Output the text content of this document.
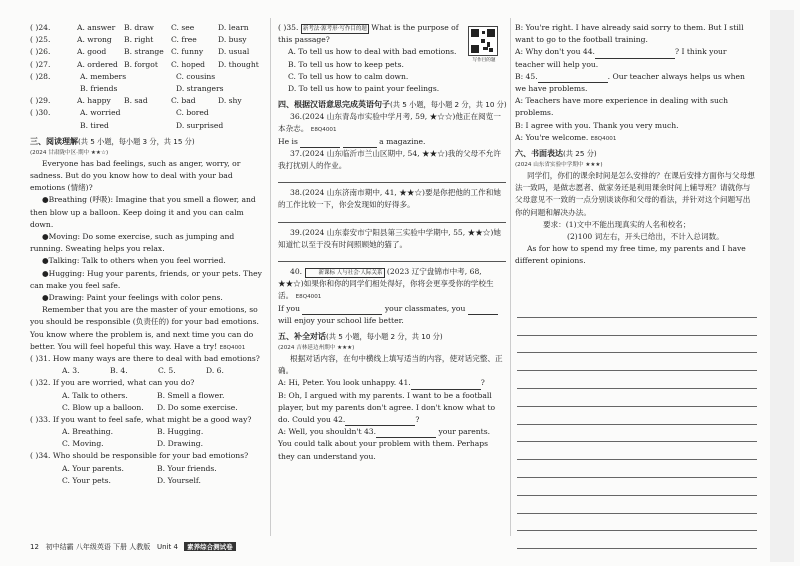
( )24.	A. answer	B. draw	C. see	D. learn
( )25.	A. wrong	B. right	C. free	D. busy
( )26.	A. good	B. strange C. funny	D. usual
( )27.	A. ordered B. forgot	C. hoped	D. thought
( )28.	A. members	C. cousins
B. friends	D. strangers
( )29.	A. happy	B. sad	C. bad	D. shy
( )30.	A. worried	C. bored
B. tired	D. surprised
三、阅读理解(共 5 小题，每小题 3 分，共 15 分)
(2024 甘肃陇中区·期中 ★★☆)
Everyone has bad feelings, such as anger, worry, or sadness. But do you know how to deal with your bad emotions (情绪)?
●Breathing (呼吸): Imagine that you smell a flower, and then blow up a balloon. Keep doing it and you can calm down.
●Moving: Do some exercise, such as jumping and running. Sweating helps you relax.
●Talking: Talk to others when you feel worried.
●Hugging: Hug your parents, friends, or your pets. They can make you feel safe.
●Drawing: Paint your feelings with color pens.
Remember that you are the master of your emotions, so you should be responsible (负责任的) for your bad emotions. You know where the problem is, and next time you can do better. You will feel hopeful this way. Have a try! E8Q4001
( )31. How many ways are there to deal with bad emotions?
A. 3.	B. 4.	C. 5.	D. 6.
( )32. If you are worried, what can you do?
A. Talk to others.	B. Smell a flower.
C. Blow up a balloon.	D. Do some exercise.
( )33. If you want to feel safe, what might be a good way?
A. Breathing.	B. Hugging.
C. Moving.	D. Drawing.
( )34. Who should be responsible for your bad emotions?
A. Your parents.	B. Your friends.
C. Your pets.	D. Yourself.
( )35. 新考法·源考形·写作目的题 What is the purpose of this passage?
A. To tell us how to deal with bad emotions.
B. To tell us how to keep pets.
C. To tell us how to calm down.
D. To tell us how to paint your feelings.
四、根据汉语意思完成英语句子(共 5 小题，每小题 2 分，共 10 分)
36.(2024 山东青岛市实验中学月考, 59, ★☆☆)他正在阅览一本杂志。 E8Q4001
He is	a magazine.
37.(2024 山东临沂市兰山区期中, 54, ★★☆)我的父母不允许我打扰别人的作业。
38.(2024 山东济南市期中, 41, ★★☆)要是你把他的工作和她的工作比较一下，你会发现如的好得多。
39.(2024 山东泰安市宁阳县第三实验中学期中, 55, ★★☆)她知道忙以至于没有时间照顾她的猫了。
40.	新课标 人与社会·人际关系 (2023 辽宁盘锦市中考, 68, ★★☆)如果你和你的同学们相处得好，你将会更享受你的学校生活。 E8Q4001
If you	your classmates, you
will enjoy your school life better.
五、补全对话(共 5 小题，每小题 2 分，共 10 分)
(2024 吉林延边州期中 ★★★)
根据对话内容，在句中横线上填写适当的内容，使对话完整、正确。
A: Hi, Peter. You look unhappy. 41.	?
B: Oh, I argued with my parents. I want to be a football player, but my parents don't agree. I don't know what to do. Could you 42.	?
A: Well, you shouldn't 43.	your parents. You could talk about your problem with them. Perhaps they can understand you.
写作目的题
B: You're right. I have already said sorry to them. But I still want to go to the football training.
A: Why don't you 44.	? I think your teacher will help you.
B: 45.	. Our teacher always helps us when we have problems.
A: Teachers have more experience in dealing with such problems.
B: I agree with you. Thank you very much.
A: You're welcome. E8Q4001
六、书面表达(共 25 分)
(2024 山东省实验中学期中 ★★★)
同学们，你们的课余时间是怎么安排的？在课后安排方面你与父母想法一致吗，是做志愿者、做家务还是利用课余时间上辅导班？请就你与父母意见不一致的一点分别谈谈你和父母的看法，并针对这个问题写出你的问题和解决办法。
要求：(1)文中不能出现真实的人名和校名；
(2)100 词左右，开头已给出，不计入总词数。
As for how to spend my free time, my parents and I have different opinions.
12 初中结霸 八年级英语 下册 人教版 Unit 4 素养综合测试卷
